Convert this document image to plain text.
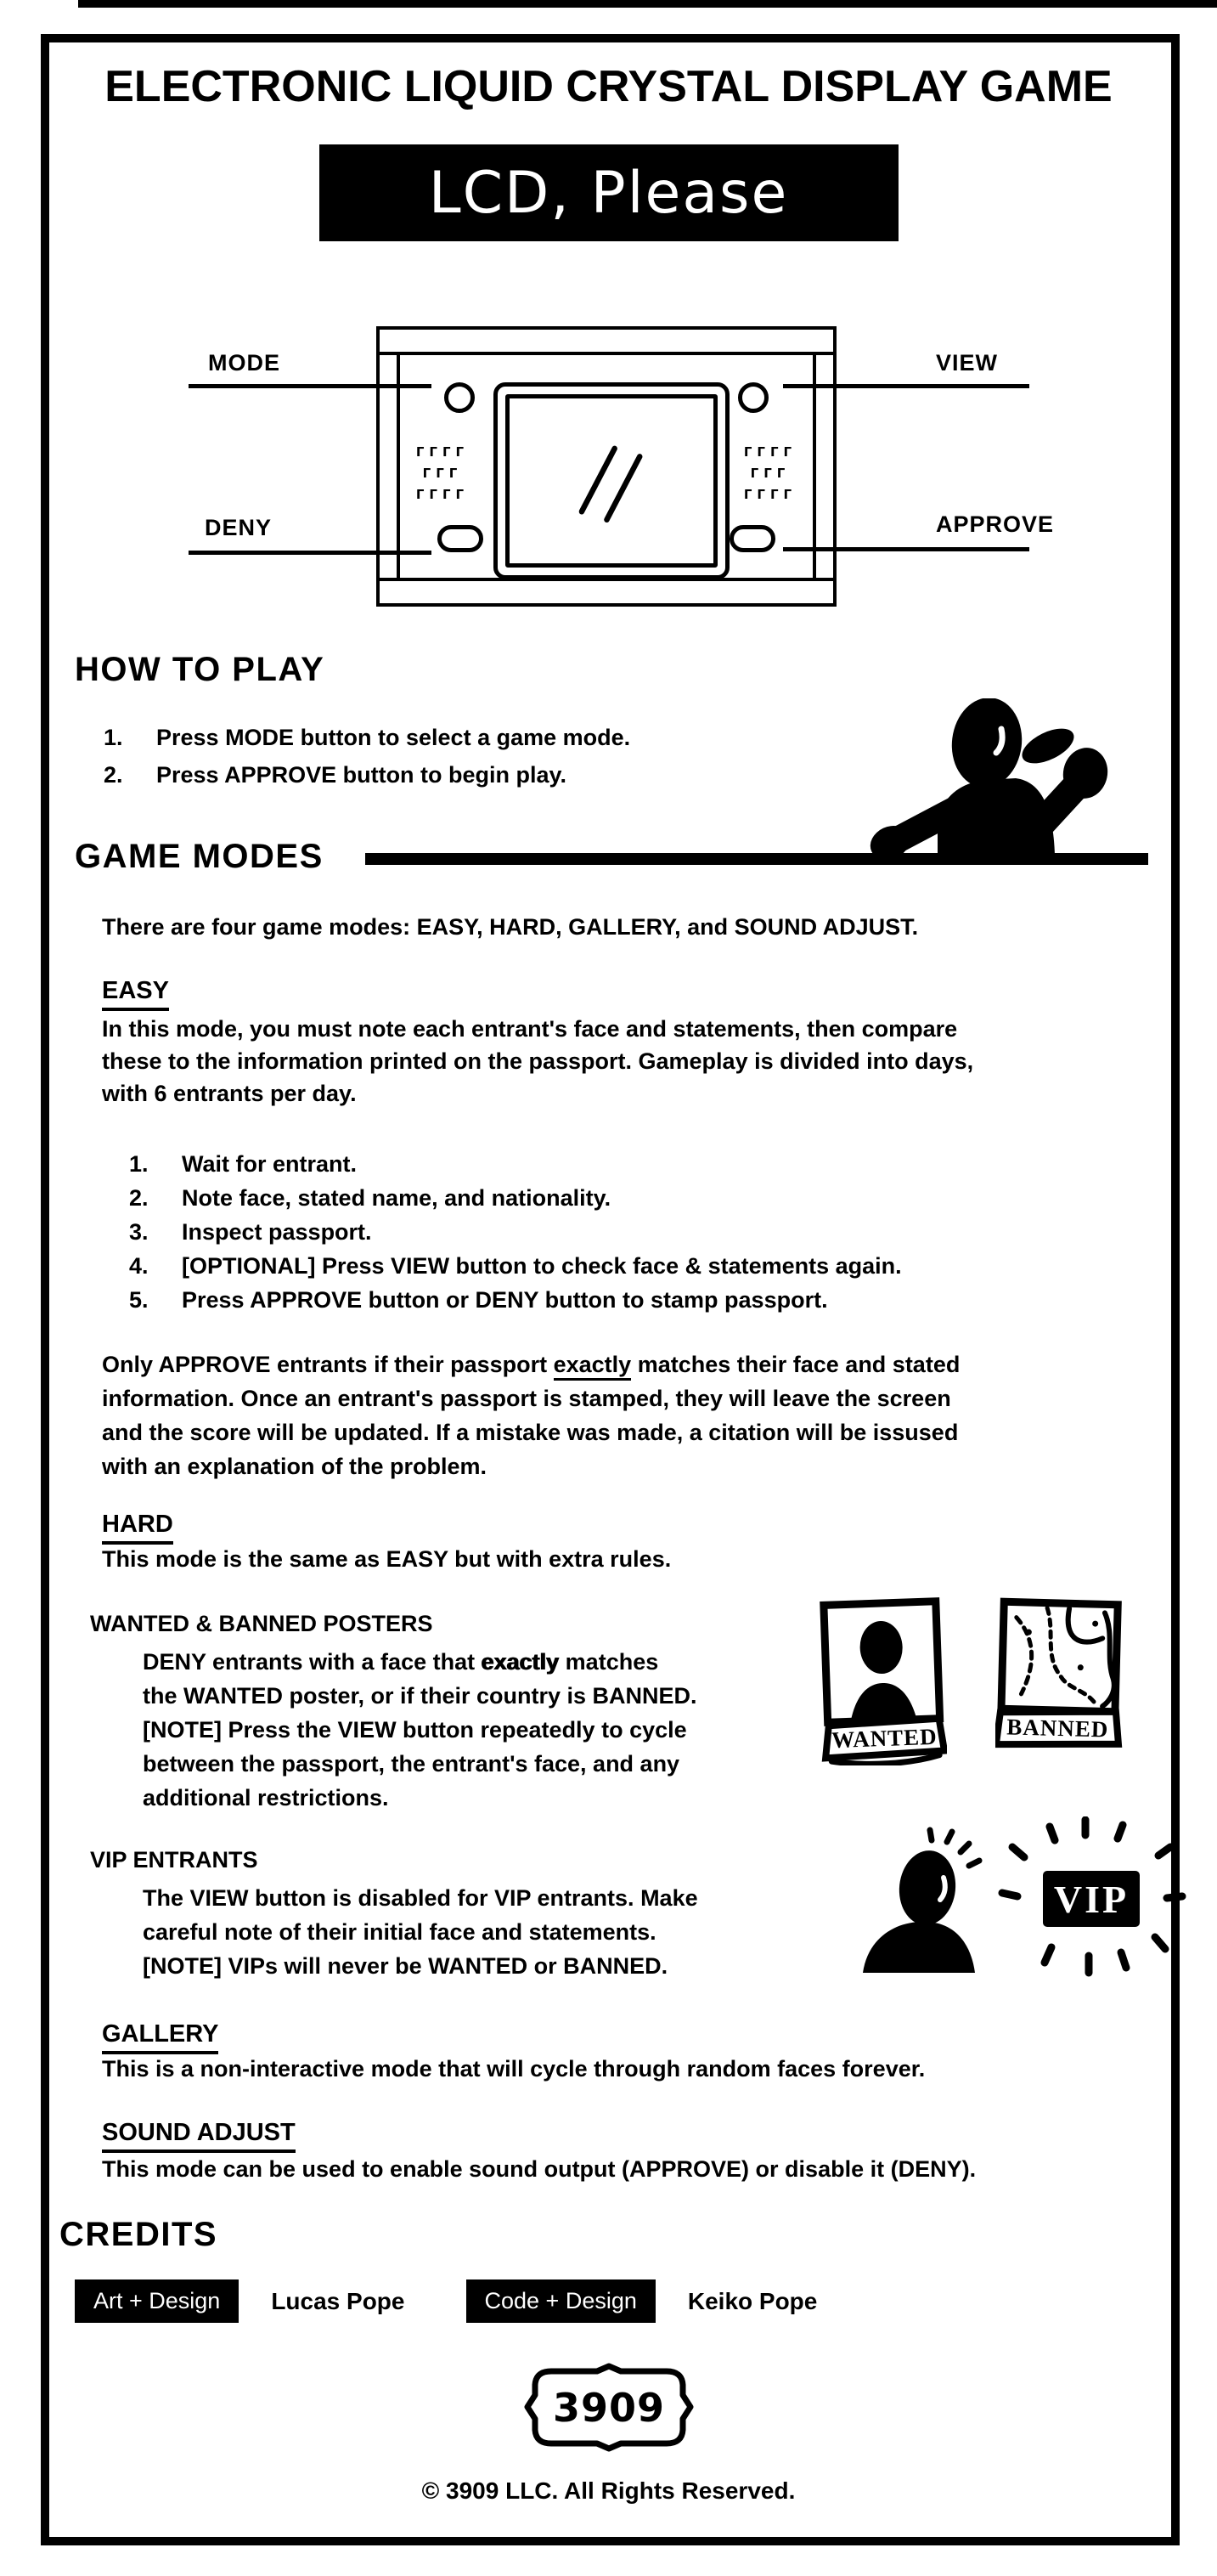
ELECTRONIC LIQUID CRYSTAL DISPLAY GAME
LCD, Please
ΓΓΓΓ
ΓΓΓ
ΓΓΓΓ
ΓΓΓΓ
ΓΓΓ
ΓΓΓΓ
MODE	VIEW
DENY	APPROVE
HOW TO PLAY
1.	Press MODE button to select a game mode.
2.	Press APPROVE button to begin play.
GAME MODES
There are four game modes: EASY, HARD, GALLERY, and SOUND ADJUST.
EASY
In this mode, you must note each entrant's face and statements, then compare
these to the information printed on the passport. Gameplay is divided into days,
with 6 entrants per day.
1.	Wait for entrant.
2.	Note face, stated name, and nationality.
3.	Inspect passport.
4.	[OPTIONAL] Press VIEW button to check face & statements again.
5.	Press APPROVE button or DENY button to stamp passport.
Only APPROVE entrants if their passport exactly matches their face and stated
information. Once an entrant's passport is stamped, they will leave the screen
and the score will be updated. If a mistake was made, a citation will be issused
with an explanation of the problem.
HARD
This mode is the same as EASY but with extra rules.
WANTED & BANNED POSTERS
DENY entrants with a face that exactly matches
the WANTED poster, or if their country is BANNED.
[NOTE] Press the VIEW button repeatedly to cycle
between the passport, the entrant's face, and any
additional restrictions.
WANTED	BANNED
VIP ENTRANTS
The VIEW button is disabled for VIP entrants. Make
careful note of their initial face and statements.
[NOTE] VIPs will never be WANTED or BANNED.
VIP
GALLERY
This is a non-interactive mode that will cycle through random faces forever.
SOUND ADJUST
This mode can be used to enable sound output (APPROVE) or disable it (DENY).
CREDITS
Art + Design	Lucas Pope	Code + Design	Keiko Pope
3909
© 3909 LLC. All Rights Reserved.
